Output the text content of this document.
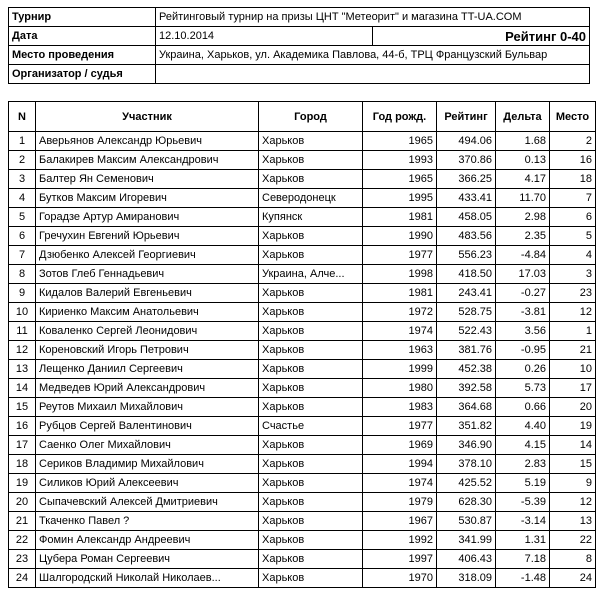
Турнир	Рейтинговый турнир на призы ЦНТ "Метеорит" и магазина TT-UA.COM	
Дата	12.10.2014	Рейтинг 0-40
Место проведения	Украина, Харьков, ул. Академика Павлова, 44-б, ТРЦ Французский Бульвар	
Организатор / судья		
N	Участник	Город	Год рожд.	Рейтинг	Дельта	Место
1	Аверьянов Александр Юрьевич	Харьков	1965	494.06	1.68	2
2	Балакирев Максим Александрович	Харьков	1993	370.86	0.13	16
3	Балтер Ян Семенович	Харьков	1965	366.25	4.17	18
4	Бутков Максим Игоревич	Северодонецк	1995	433.41	11.70	7
5	Горадзе Артур Амиранович	Купянск	1981	458.05	2.98	6
6	Гречухин Евгений Юрьевич	Харьков	1990	483.56	2.35	5
7	Дзюбенко Алексей Георгиевич	Харьков	1977	556.23	-4.84	4
8	Зотов Глеб Геннадьевич	Украина, Алче...	1998	418.50	17.03	3
9	Кидалов Валерий Евгеньевич	Харьков	1981	243.41	-0.27	23
10	Кириенко Максим Анатольевич	Харьков	1972	528.75	-3.81	12
11	Коваленко Сергей Леонидович	Харьков	1974	522.43	3.56	1
12	Кореновский Игорь Петрович	Харьков	1963	381.76	-0.95	21
13	Лещенко Даниил Сергеевич	Харьков	1999	452.38	0.26	10
14	Медведев Юрий Александрович	Харьков	1980	392.58	5.73	17
15	Реутов Михаил Михайлович	Харьков	1983	364.68	0.66	20
16	Рубцов Сергей Валентинович	Счастье	1977	351.82	4.40	19
17	Саенко Олег Михайлович	Харьков	1969	346.90	4.15	14
18	Сериков Владимир Михайлович	Харьков	1994	378.10	2.83	15
19	Силиков Юрий Алексеевич	Харьков	1974	425.52	5.19	9
20	Сыпачевский Алексей Дмитриевич	Харьков	1979	628.30	-5.39	12
21	Ткаченко Павел ?	Харьков	1967	530.87	-3.14	13
22	Фомин Александр Андреевич	Харьков	1992	341.99	1.31	22
23	Цубера Роман Сергеевич	Харьков	1997	406.43	7.18	8
24	Шалгородский Николай Николаев...	Харьков	1970	318.09	-1.48	24
